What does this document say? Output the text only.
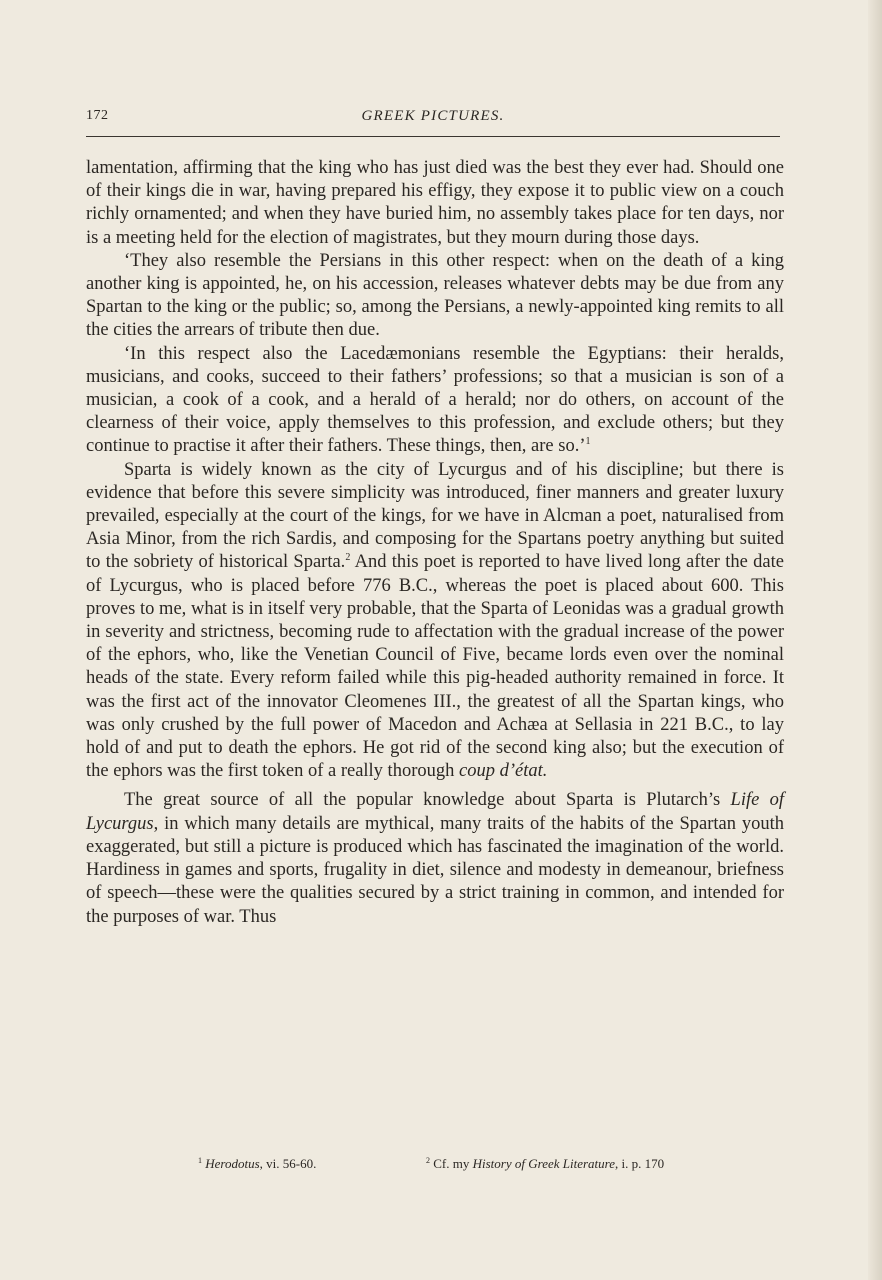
172	GREEK PICTURES.

lamentation, affirming that the king who has just died was the best they ever had. Should one of their kings die in war, having prepared his effigy, they expose it to public view on a couch richly ornamented; and when they have buried him, no assembly takes place for ten days, nor is a meeting held for the election of magistrates, but they mourn during those days.

‘They also resemble the Persians in this other respect: when on the death of a king another king is appointed, he, on his accession, releases whatever debts may be due from any Spartan to the king or the public; so, among the Persians, a newly-appointed king remits to all the cities the arrears of tribute then due.

‘In this respect also the Lacedæmonians resemble the Egyptians: their heralds, musicians, and cooks, succeed to their fathers’ professions; so that a musician is son of a musician, a cook of a cook, and a herald of a herald; nor do others, on account of the clearness of their voice, apply themselves to this profession, and exclude others; but they continue to practise it after their fathers. These things, then, are so.’$^1$

Sparta is widely known as the city of Lycurgus and of his discipline; but there is evidence that before this severe simplicity was introduced, finer manners and greater luxury prevailed, especially at the court of the kings, for we have in Alcman a poet, naturalised from Asia Minor, from the rich Sardis, and composing for the Spartans poetry anything but suited to the sobriety of historical Sparta.$^2$ And this poet is reported to have lived long after the date of Lycurgus, who is placed before 776 B.C., whereas the poet is placed about 600. This proves to me, what is in itself very probable, that the Sparta of Leonidas was a gradual growth in severity and strictness, becoming rude to affectation with the gradual increase of the power of the ephors, who, like the Venetian Council of Five, became lords even over the nominal heads of the state. Every reform failed while this pig-headed authority remained in force. It was the first act of the innovator Cleomenes III., the greatest of all the Spartan kings, who was only crushed by the full power of Macedon and Achæa at Sellasia in 221 B.C., to lay hold of and put to death the ephors. He got rid of the second king also; but the execution of the ephors was the first token of a really thorough coup d’état.

The great source of all the popular knowledge about Sparta is Plutarch’s Life of Lycurgus, in which many details are mythical, many traits of the habits of the Spartan youth exaggerated, but still a picture is produced which has fascinated the imagination of the world. Hardiness in games and sports, frugality in diet, silence and modesty in demeanour, briefness of speech—these were the qualities secured by a strict training in common, and intended for the purposes of war. Thus

$^1$ Herodotus, vi. 56-60.	$^2$ Cf. my History of Greek Literature, i. p. 170
